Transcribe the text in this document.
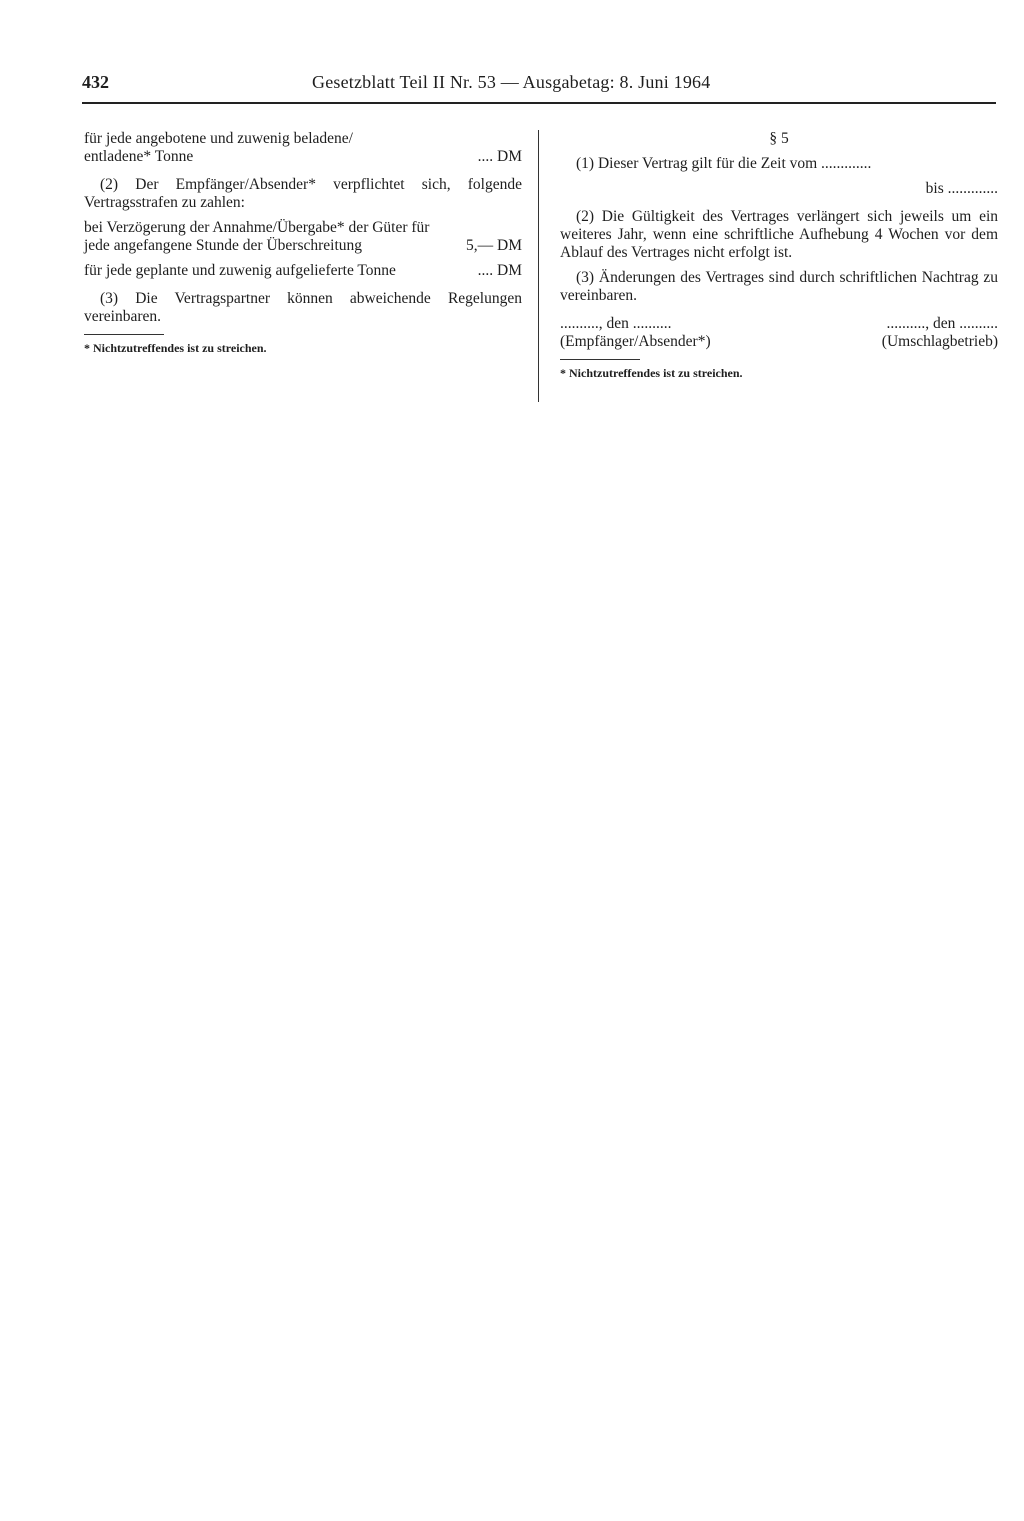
432	Gesetzblatt Teil II Nr. 53 — Ausgabetag: 8. Juni 1964

für jede angebotene und zuwenig beladene/

entladene* Tonne	.... DM

(2) Der Empfänger/Absender* verpflichtet sich, folgende Vertragsstrafen zu zahlen:

bei Verzögerung der Annahme/Übergabe* der Güter für jede angefangene Stunde der Überschreitung	5,— DM
für jede geplante und zuwenig aufgelieferte Tonne	.... DM

(3) Die Vertragspartner können abweichende Regelungen vereinbaren.

* Nichtzutreffendes ist zu streichen.

§ 5

(1) Dieser Vertrag gilt für die Zeit vom .............

bis .............

(2) Die Gültigkeit des Vertrages verlängert sich jeweils um ein weiteres Jahr, wenn eine schriftliche Aufhebung 4 Wochen vor dem Ablauf des Vertrages nicht erfolgt ist.

(3) Änderungen des Vertrages sind durch schriftlichen Nachtrag zu vereinbaren.

.........., den ..........	.........., den ..........
(Empfänger/Absender*)	(Umschlagbetrieb)

* Nichtzutreffendes ist zu streichen.
